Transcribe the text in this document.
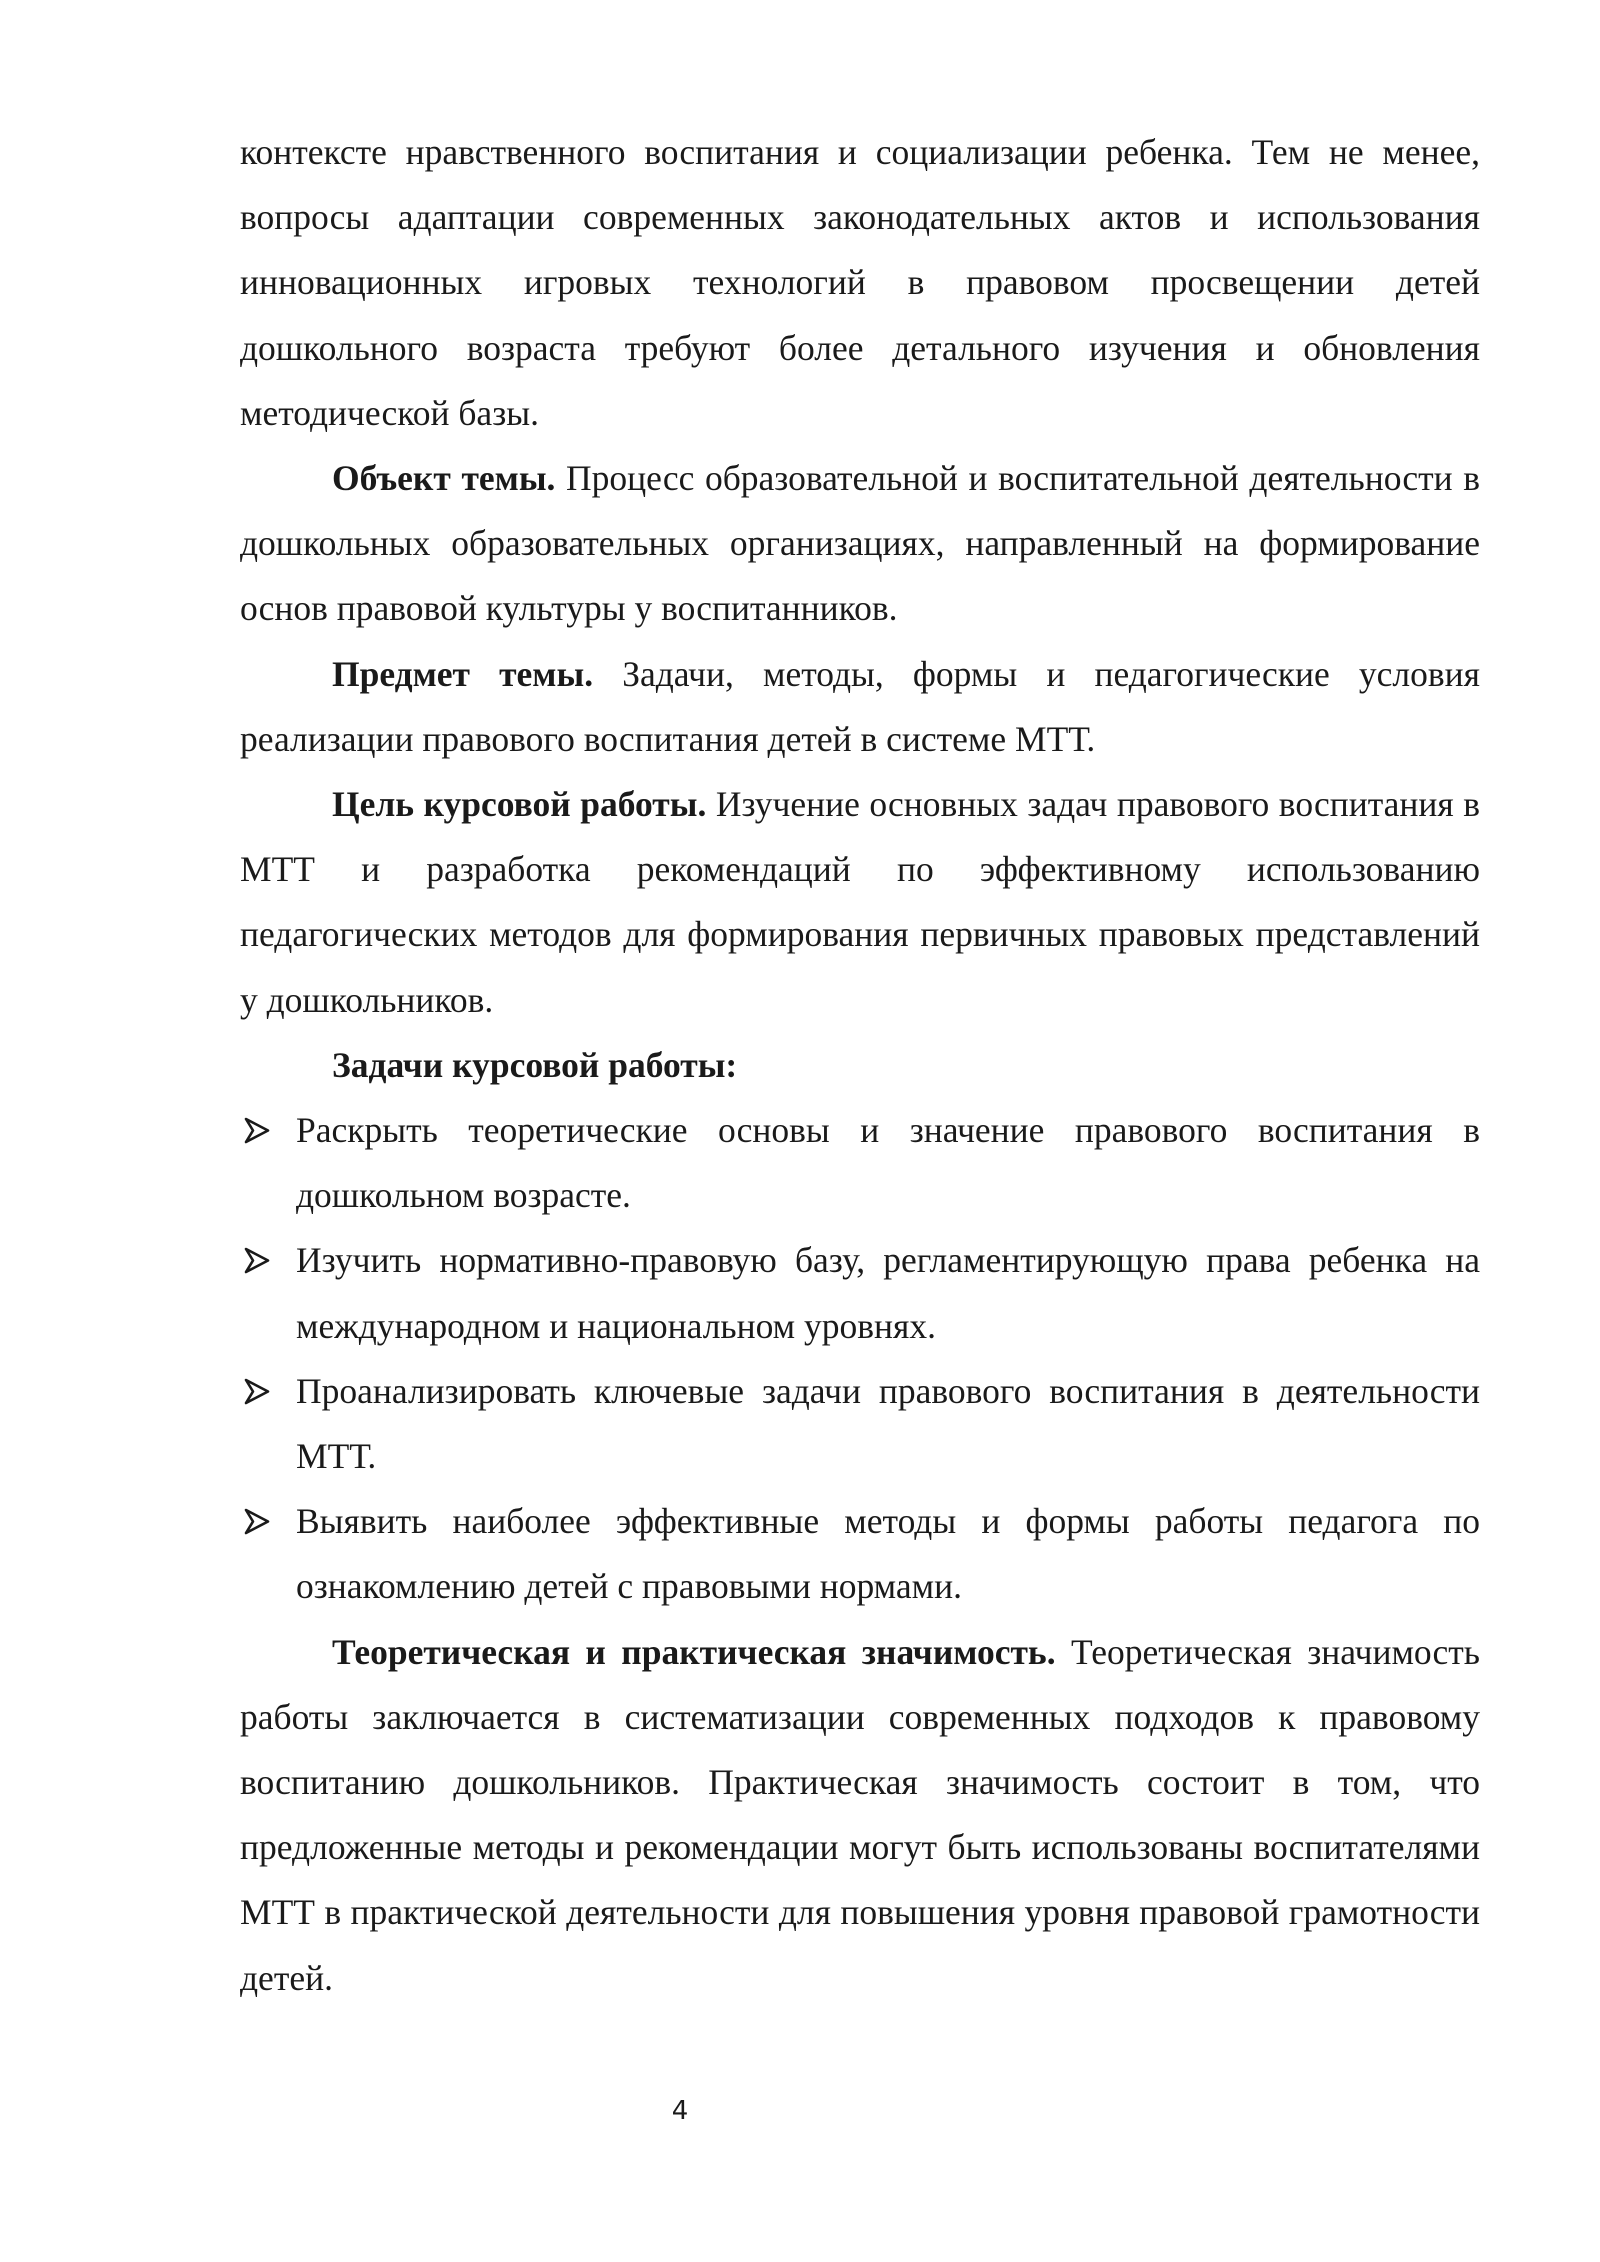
контексте нравственного воспитания и социализации ребенка. Тем не менее, вопросы адаптации современных законодательных актов и использования инновационных игровых технологий в правовом просвещении детей дошкольного возраста требуют более детального изучения и обновления методической базы.

Объект темы. Процесс образовательной и воспитательной деятельности в дошкольных образовательных организациях, направленный на формирование основ правовой культуры у воспитанников.

Предмет темы. Задачи, методы, формы и педагогические условия реализации правового воспитания детей в системе МТТ.

Цель курсовой работы. Изучение основных задач правового воспитания в МТТ и разработка рекомендаций по эффективному использованию педагогических методов для формирования первичных правовых представлений у дошкольников.

Задачи курсовой работы:
Раскрыть теоретические основы и значение правового воспитания в дошкольном возрасте.
Изучить нормативно-правовую базу, регламентирующую права ребенка на международном и национальном уровнях.
Проанализировать ключевые задачи правового воспитания в деятельности МТТ.
Выявить наиболее эффективные методы и формы работы педагога по ознакомлению детей с правовыми нормами.

Теоретическая и практическая значимость. Теоретическая значимость работы заключается в систематизации современных подходов к правовому воспитанию дошкольников. Практическая значимость состоит в том, что предложенные методы и рекомендации могут быть использованы воспитателями МТТ в практической деятельности для повышения уровня правовой грамотности детей.

4
